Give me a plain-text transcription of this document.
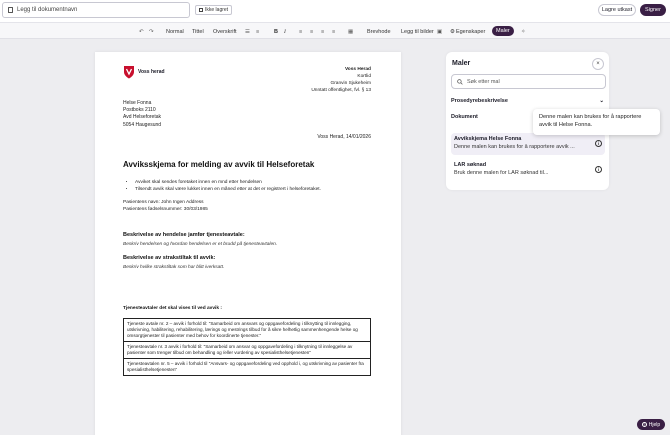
Legg til dokumentnavn	Ikke lagret	Lagre utkast	Signer
↶ ↷ Normal Tittel Overskrift ☰ ≡	B I ≡ ≡ ≡ ≡ ▦	Brevhode Legg til bilder ▣ ⚙ Egenskaper	Maler	✧
Voss herad	Voss Herad
Kortlid
Granvin Sjukeheim
Unntatt offentlighet, fvl. § 13
Helse Fonna
Postboks 2110
Avd Helseforetak
5054 Haugesund
Voss Herad, 14/01/2026
Avviksskjema for melding av avvik til Helseforetak
• Avviket skal sendes foretaket innen en mnd etter hendelsen
• Tilsendt avvik skal være lukket innen en måned etter at det er registrert i helseforetaket.
Pasientens navn: John Ingen Address
Pasientens fødselsnummer: 30/03/1985
Beskrivelse av hendelse jamfør tjenesteavtale:
Beskriv hendelsen og hvordan hendelsen er et brudd på tjenesteavtalen.
Beskrivelse av strakstiltak til avvik:
Beskriv hvilke strakstiltak som har blitt iverksatt.
Tjenesteavtaler det skal vises til ved avvik :
Tjeneste avtale nr. 2 – avvik i forhold til: "Samarbeid om ansvars og oppgavefordeling i tilknytting til innlegging, utskrivning, habilitering, rehabilitering, lærings og mestrings tilbud for å sikre helhetlig sammenhengende helse og omsorgtjenester til pasienter med behov for koordinerte tjenester."
Tjenesteavtale nr. 3 avvik i forhold til: "Samarbeid om ansvar og oppgavefordeling i tilknytning til innleggelse av pasienter som trenger tilbud om behandling og /eller vurdering av spesialisthelsetjenesten"
Tjenesteavtalen nr. 5 – avvik i forhold til "Ansvars- og oppgavefordeling ved opphold i, og utskrivning av pasienter fra spesialisthelsetjenesten"
Maler	×
Søk etter mal
Prosedyrebeskrivelse	⌄
Dokument
Avvikskjema Helse Fonna
Denne malen kan brukes for å rapportere avvik ...
i
LAR søknad
Bruk denne malen for LAR søknad til...
i
Denne malen kan brukes for å rapportere avvik til Helse Fonna.
? Hjelp
